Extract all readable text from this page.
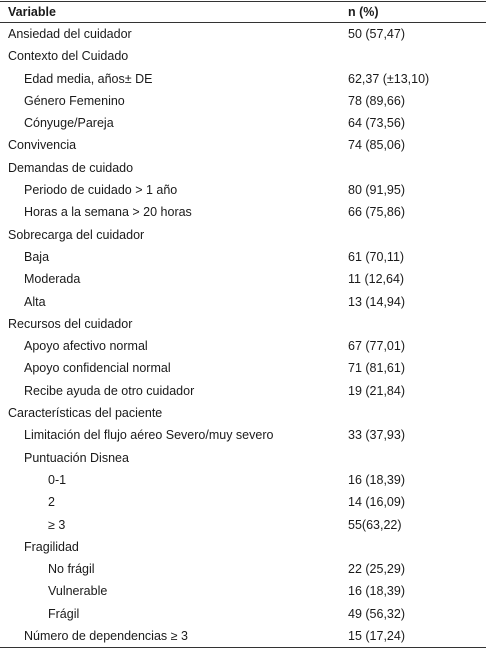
Variable	n (%)
Ansiedad del cuidador	50 (57,47)
Contexto del Cuidado
Edad media, años± DE	62,37 (±13,10)
Género Femenino	78 (89,66)
Cónyuge/Pareja	64 (73,56)
Convivencia	74 (85,06)
Demandas de cuidado
Periodo de cuidado > 1 año	80 (91,95)
Horas a la semana > 20 horas	66 (75,86)
Sobrecarga del cuidador
Baja	61 (70,11)
Moderada	11 (12,64)
Alta	13 (14,94)
Recursos del cuidador
Apoyo afectivo normal	67 (77,01)
Apoyo confidencial normal	71 (81,61)
Recibe ayuda de otro cuidador	19 (21,84)
Características del paciente
Limitación del flujo aéreo Severo/muy severo	33 (37,93)
Puntuación Disnea
0-1	16 (18,39)
2	14 (16,09)
≥ 3	55(63,22)
Fragilidad
No frágil	22 (25,29)
Vulnerable	16 (18,39)
Frágil	49 (56,32)
Número de dependencias ≥ 3	15 (17,24)
